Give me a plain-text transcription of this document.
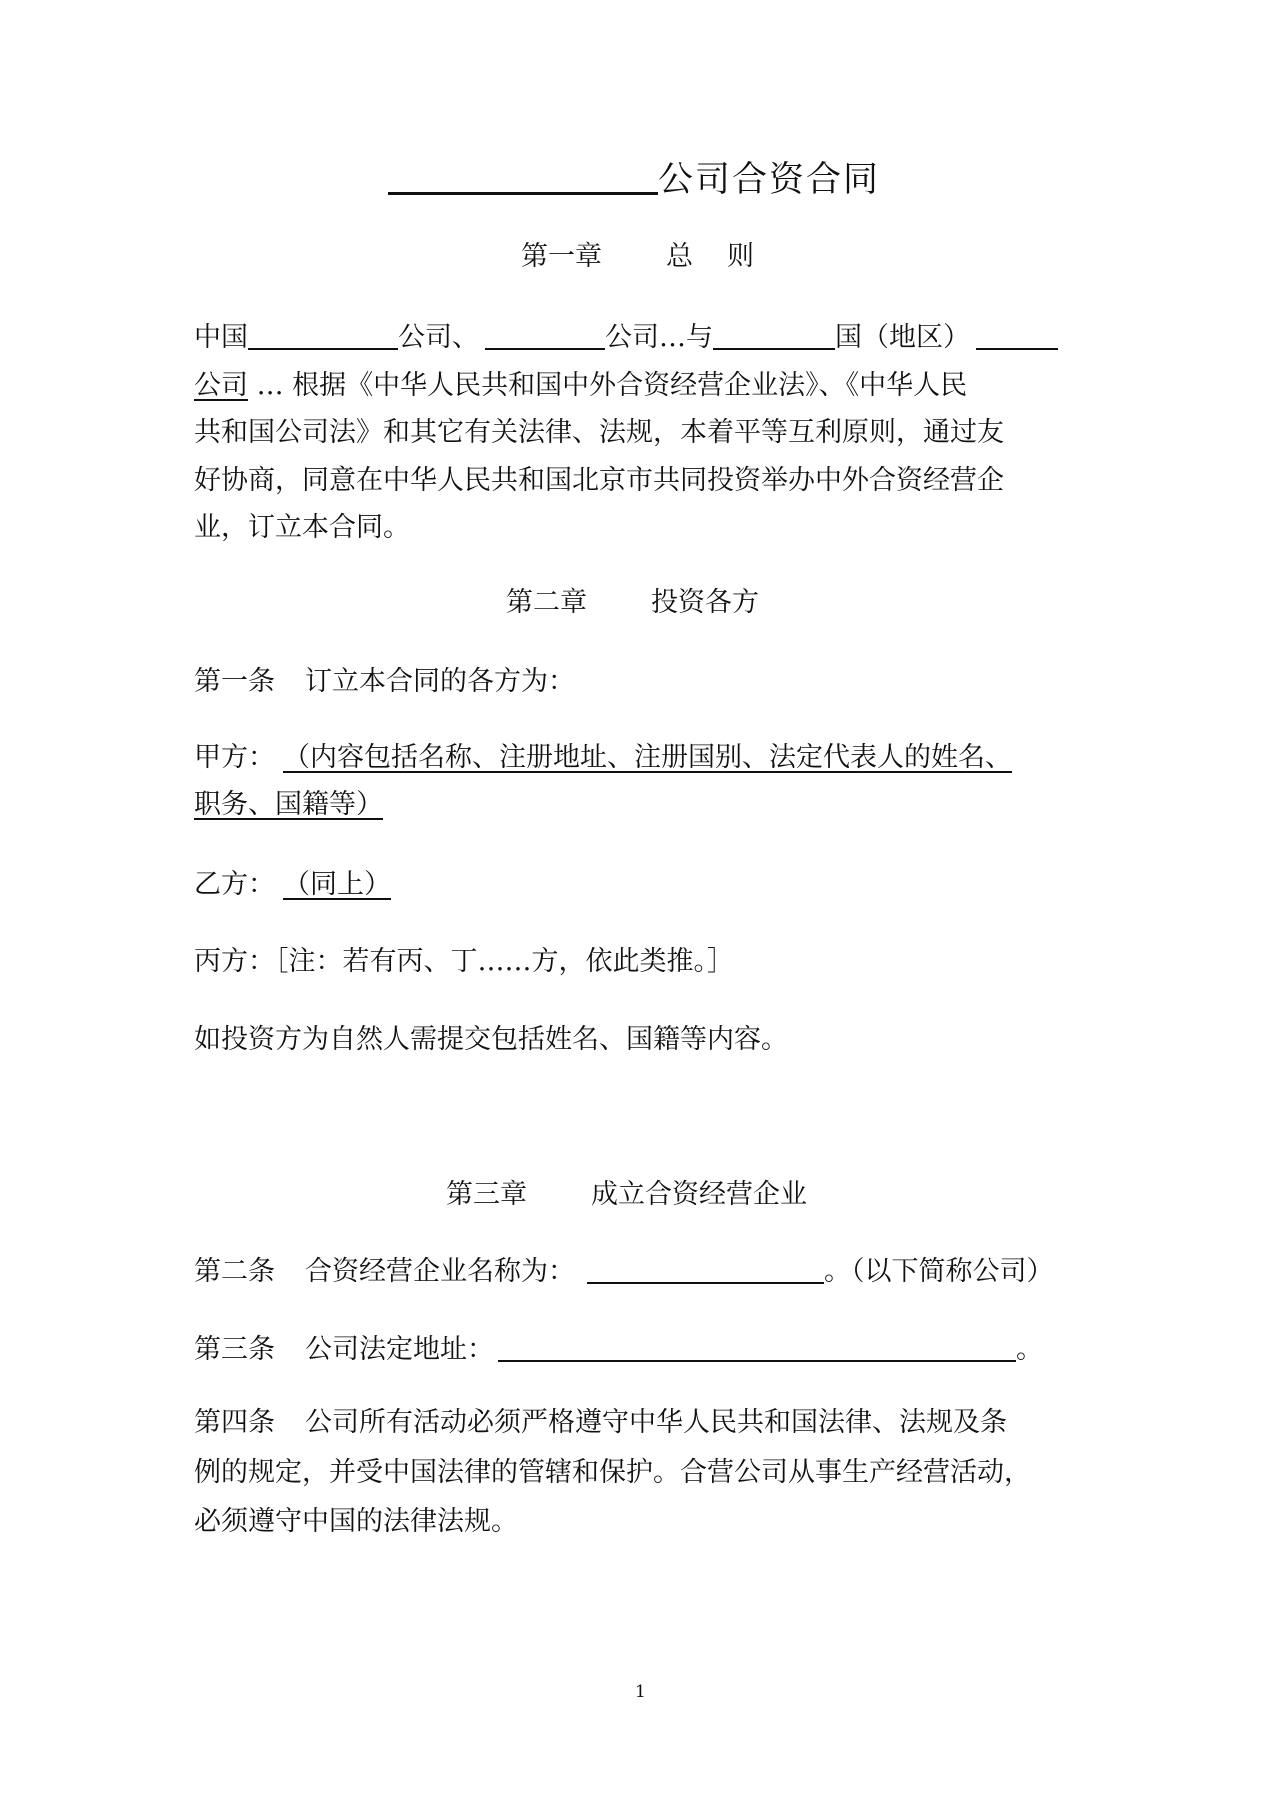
公司合资合同
第一章 总 则
中国	公司、	公司…与	国（地区）
公司 … 根据《中华人民共和国中外合资经营企业法》、《中华人民
共和国公司法》和其它有关法律、法规，本着平等互利原则，通过友
好协商，同意在中华人民共和国北京市共同投资举办中外合资经营企
业，订立本合同。
第二章 投资各方
第一条 订立本合同的各方为：
甲方： （内容包括名称、注册地址、注册国别、法定代表人的姓名、
职务、国籍等）
乙方： （同上）
丙方：［注：若有丙、丁……方，依此类推。］
如投资方为自然人需提交包括姓名、国籍等内容。
第三章 成立合资经营企业
第二条 合资经营企业名称为：	。（以下简称公司）
第三条 公司法定地址：	。
第四条 公司所有活动必须严格遵守中华人民共和国法律、法规及条
例的规定，并受中国法律的管辖和保护。合营公司从事生产经营活动，
必须遵守中国的法律法规。
1
